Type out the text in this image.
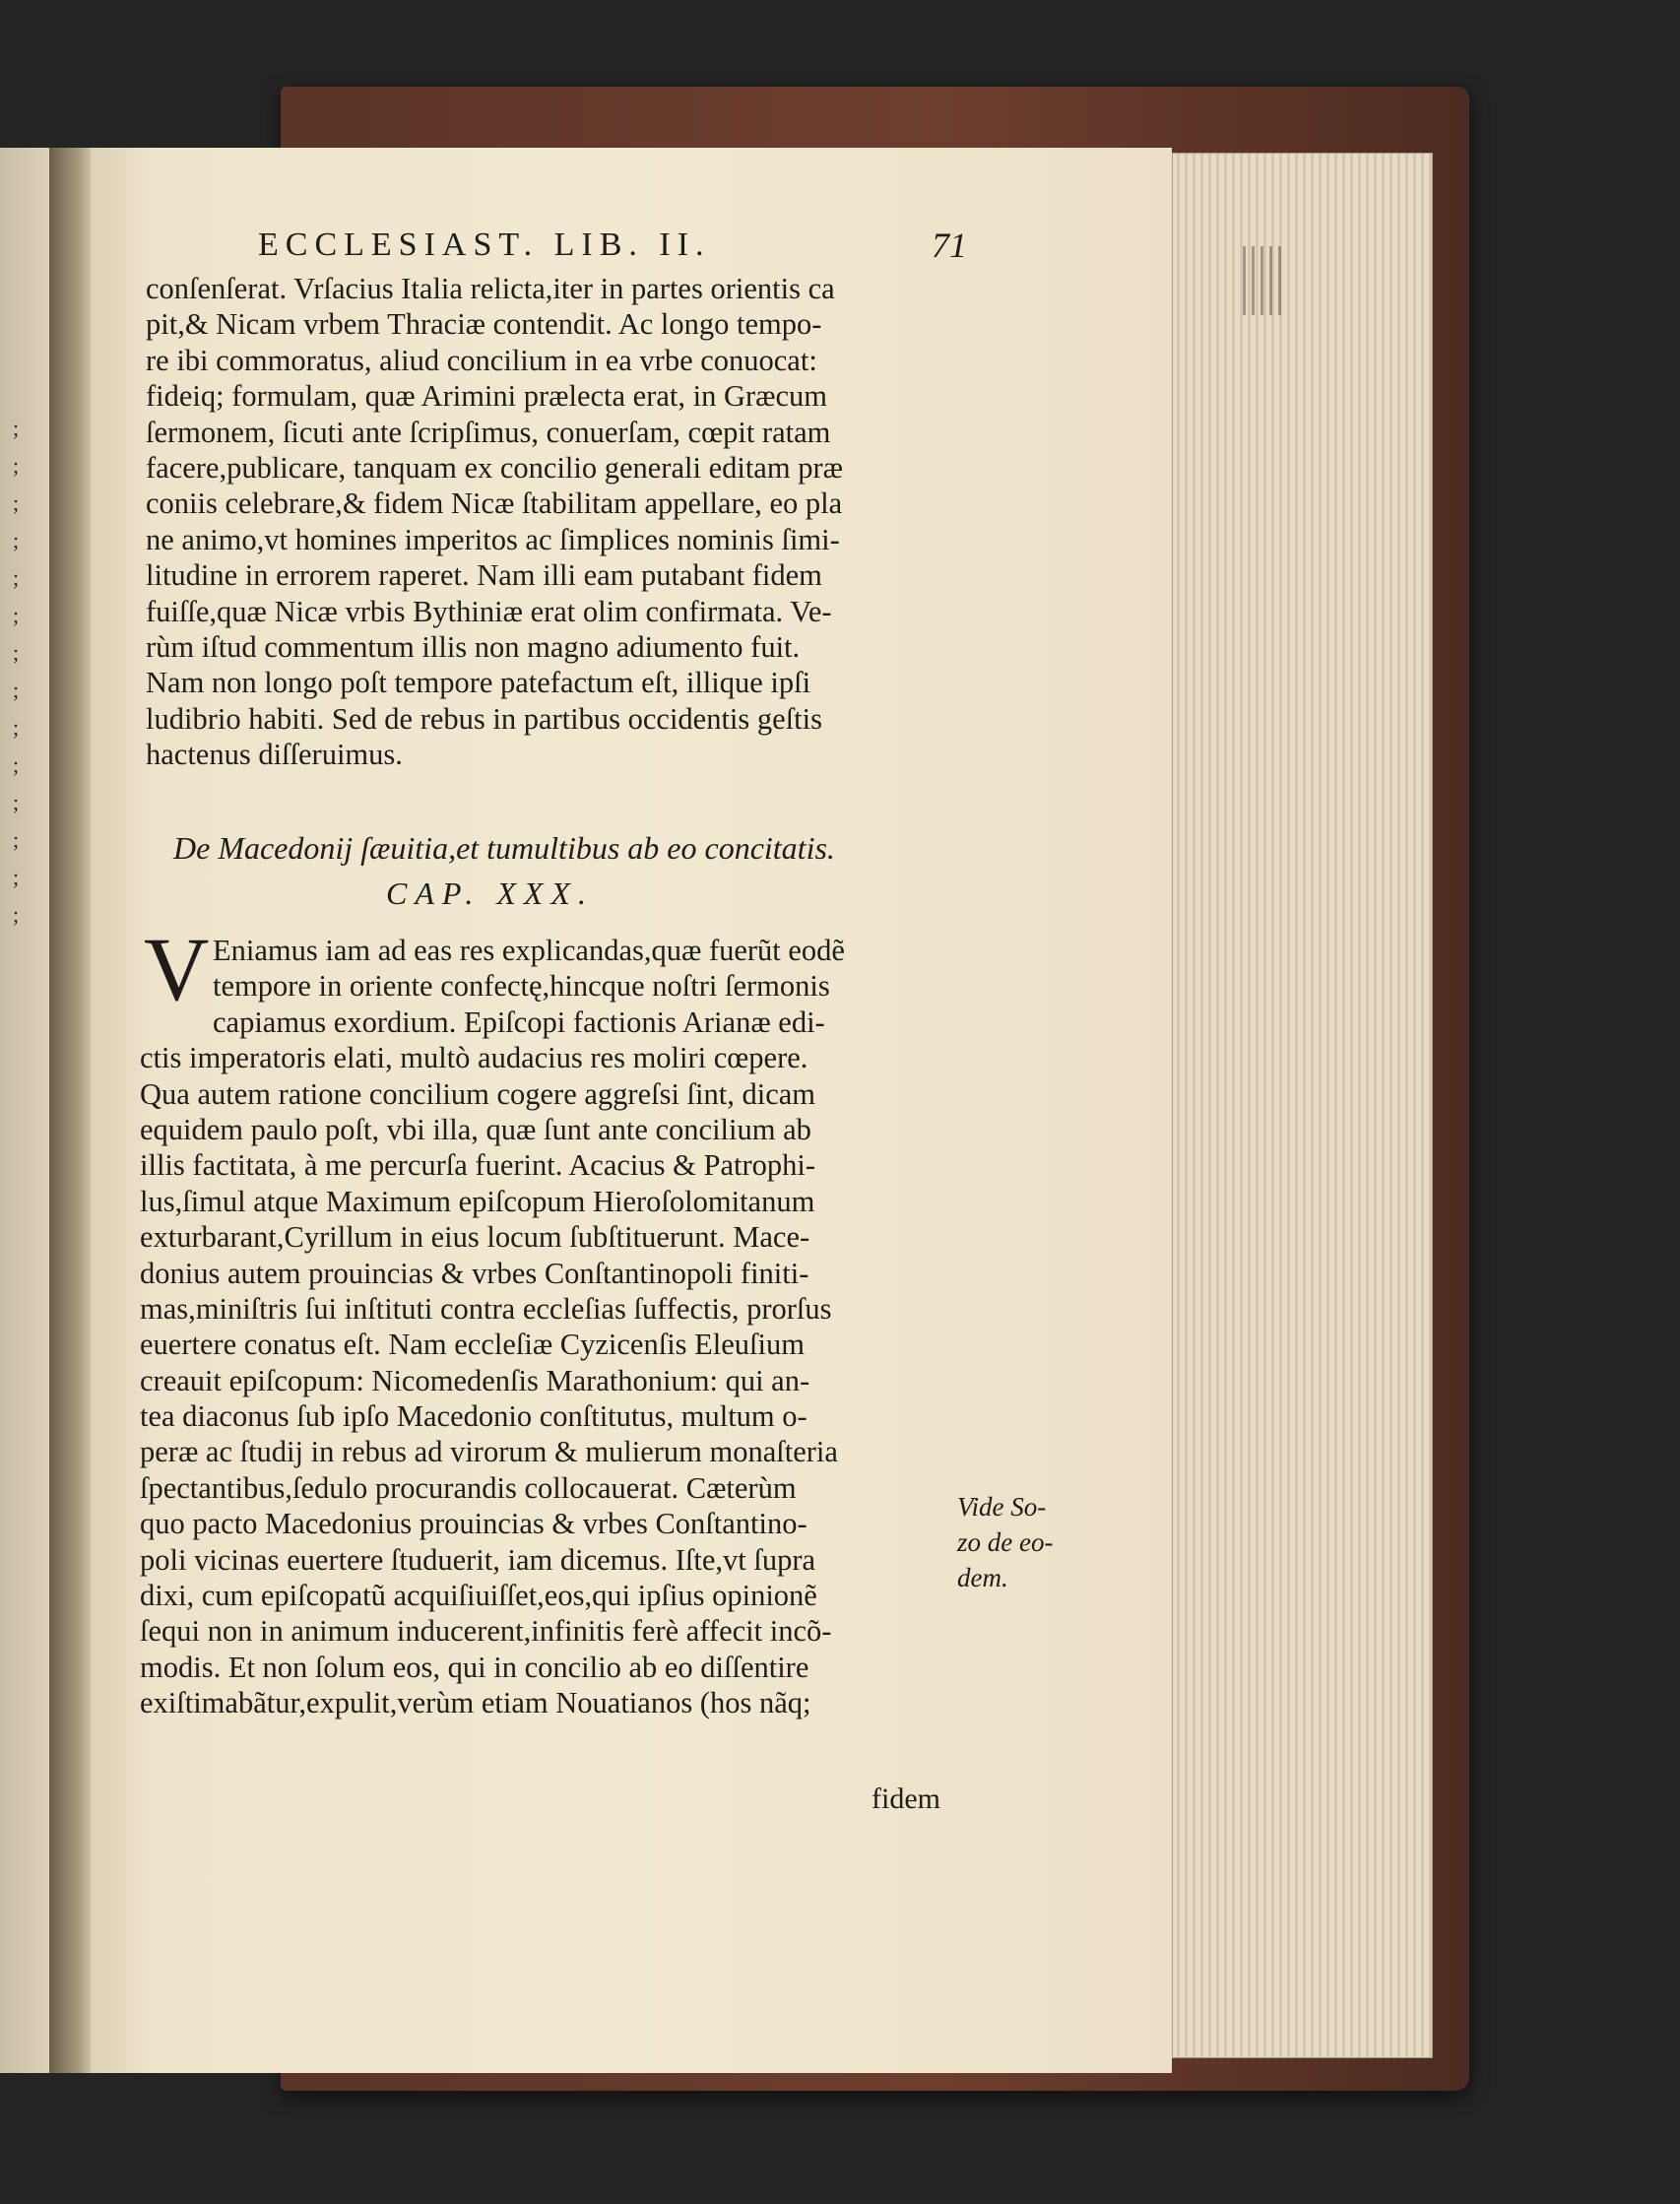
;
;
;
;
;
;
;
;
;
;
;
;
;
;
ECCLESIAST. LIB. II.	71
conſenſerat. Vrſacius Italia relicta,iter in partes orientis ca
pit,& Nicam vrbem Thraciæ contendit. Ac longo tempo-
re ibi commoratus, aliud concilium in ea vrbe conuocat:
fideiq; formulam, quæ Arimini prælecta erat, in Græcum
ſermonem, ſicuti ante ſcripſimus, conuerſam, cœpit ratam
facere,publicare, tanquam ex concilio generali editam præ
coniis celebrare,& fidem Nicæ ſtabilitam appellare, eo pla
ne animo,vt homines imperitos ac ſimplices nominis ſimi-
litudine in errorem raperet. Nam illi eam putabant fidem
fuiſſe,quæ Nicæ vrbis Bythiniæ erat olim confirmata. Ve-
rùm iſtud commentum illis non magno adiumento fuit.
Nam non longo poſt tempore patefactum eſt, illique ipſi
ludibrio habiti. Sed de rebus in partibus occidentis geſtis
hactenus diſſeruimus.
De Macedonij ſæuitia,et tumultibus ab eo concitatis.
CAP. XXX.
V Eniamus iam ad eas res explicandas,quæ fuerũt eodẽ
tempore in oriente confectę,hincque noſtri ſermonis
capiamus exordium. Epiſcopi factionis Arianæ edi-
ctis imperatoris elati, multò audacius res moliri cœpere.
Qua autem ratione concilium cogere aggreſsi ſint, dicam
equidem paulo poſt, vbi illa, quæ ſunt ante concilium ab
illis factitata, à me percurſa fuerint. Acacius & Patrophi-
lus,ſimul atque Maximum epiſcopum Hieroſolomitanum
exturbarant,Cyrillum in eius locum ſubſtituerunt. Mace-
donius autem prouincias & vrbes Conſtantinopoli finiti-
mas,miniſtris ſui inſtituti contra eccleſias ſuffectis, prorſus
euertere conatus eſt. Nam eccleſiæ Cyzicenſis Eleuſium
creauit epiſcopum: Nicomedenſis Marathonium: qui an-
tea diaconus ſub ipſo Macedonio conſtitutus, multum o-
peræ ac ſtudij in rebus ad virorum & mulierum monaſteria
ſpectantibus,ſedulo procurandis collocauerat. Cæterùm
quo pacto Macedonius prouincias & vrbes Conſtantino-
poli vicinas euertere ſtuduerit, iam dicemus. Iſte,vt ſupra
dixi, cum epiſcopatũ acquiſiuiſſet,eos,qui ipſius opinionẽ
ſequi non in animum inducerent,infinitis ferè affecit incõ-
modis. Et non ſolum eos, qui in concilio ab eo diſſentire
exiſtimabãtur,expulit,verùm etiam Nouatianos (hos nãq;
fidem
Vide So-
zo de eo-
dem.
